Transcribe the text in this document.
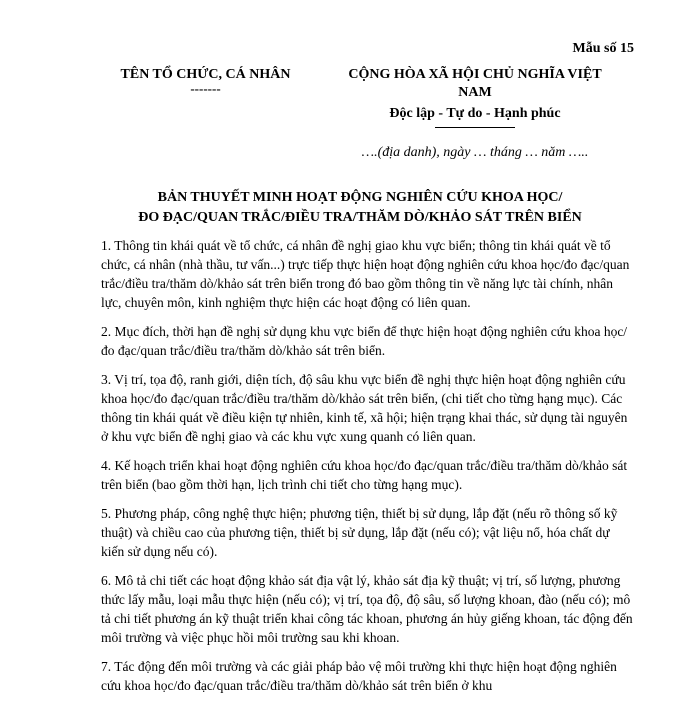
Mẫu số 15
TÊN TỔ CHỨC, CÁ NHÂN
-------
CỘNG HÒA XÃ HỘI CHỦ NGHĨA VIỆT
NAM
Độc lập - Tự do - Hạnh phúc
….(địa danh), ngày … tháng … năm …..
BẢN THUYẾT MINH HOẠT ĐỘNG NGHIÊN CỨU KHOA HỌC/
ĐO ĐẠC/QUAN TRẮC/ĐIỀU TRA/THĂM DÒ/KHẢO SÁT TRÊN BIỂN

1. Thông tin khái quát về tổ chức, cá nhân đề nghị giao khu vực biển; thông tin khái quát về tổ chức, cá nhân (nhà thầu, tư vấn...) trực tiếp thực hiện hoạt động nghiên cứu khoa học/đo đạc/quan trắc/điều tra/thăm dò/khảo sát trên biển trong đó bao gồm thông tin về năng lực tài chính, nhân lực, chuyên môn, kinh nghiệm thực hiện các hoạt động có liên quan.

2. Mục đích, thời hạn đề nghị sử dụng khu vực biển để thực hiện hoạt động nghiên cứu khoa học/đo đạc/quan trắc/điều tra/thăm dò/khảo sát trên biển.

3. Vị trí, tọa độ, ranh giới, diện tích, độ sâu khu vực biển đề nghị thực hiện hoạt động nghiên cứu khoa học/đo đạc/quan trắc/điều tra/thăm dò/khảo sát trên biển, (chi tiết cho từng hạng mục). Các thông tin khái quát về điều kiện tự nhiên, kinh tế, xã hội; hiện trạng khai thác, sử dụng tài nguyên ở khu vực biển đề nghị giao và các khu vực xung quanh có liên quan.

4. Kế hoạch triển khai hoạt động nghiên cứu khoa học/đo đạc/quan trắc/điều tra/thăm dò/khảo sát trên biển (bao gồm thời hạn, lịch trình chi tiết cho từng hạng mục).

5. Phương pháp, công nghệ thực hiện; phương tiện, thiết bị sử dụng, lắp đặt (nếu rõ thông số kỹ thuật) và chiều cao của phương tiện, thiết bị sử dụng, lắp đặt (nếu có); vật liệu nổ, hóa chất dự kiến sử dụng nếu có).

6. Mô tả chi tiết các hoạt động khảo sát địa vật lý, khảo sát địa kỹ thuật; vị trí, số lượng, phương thức lấy mẫu, loại mẫu thực hiện (nếu có); vị trí, tọa độ, độ sâu, số lượng khoan, đào (nếu có); mô tả chi tiết phương án kỹ thuật triển khai công tác khoan, phương án hủy giếng khoan, tác động đến môi trường và việc phục hồi môi trường sau khi khoan.

7. Tác động đến môi trường và các giải pháp bảo vệ môi trường khi thực hiện hoạt động nghiên cứu khoa học/đo đạc/quan trắc/điều tra/thăm dò/khảo sát trên biển ở khu
